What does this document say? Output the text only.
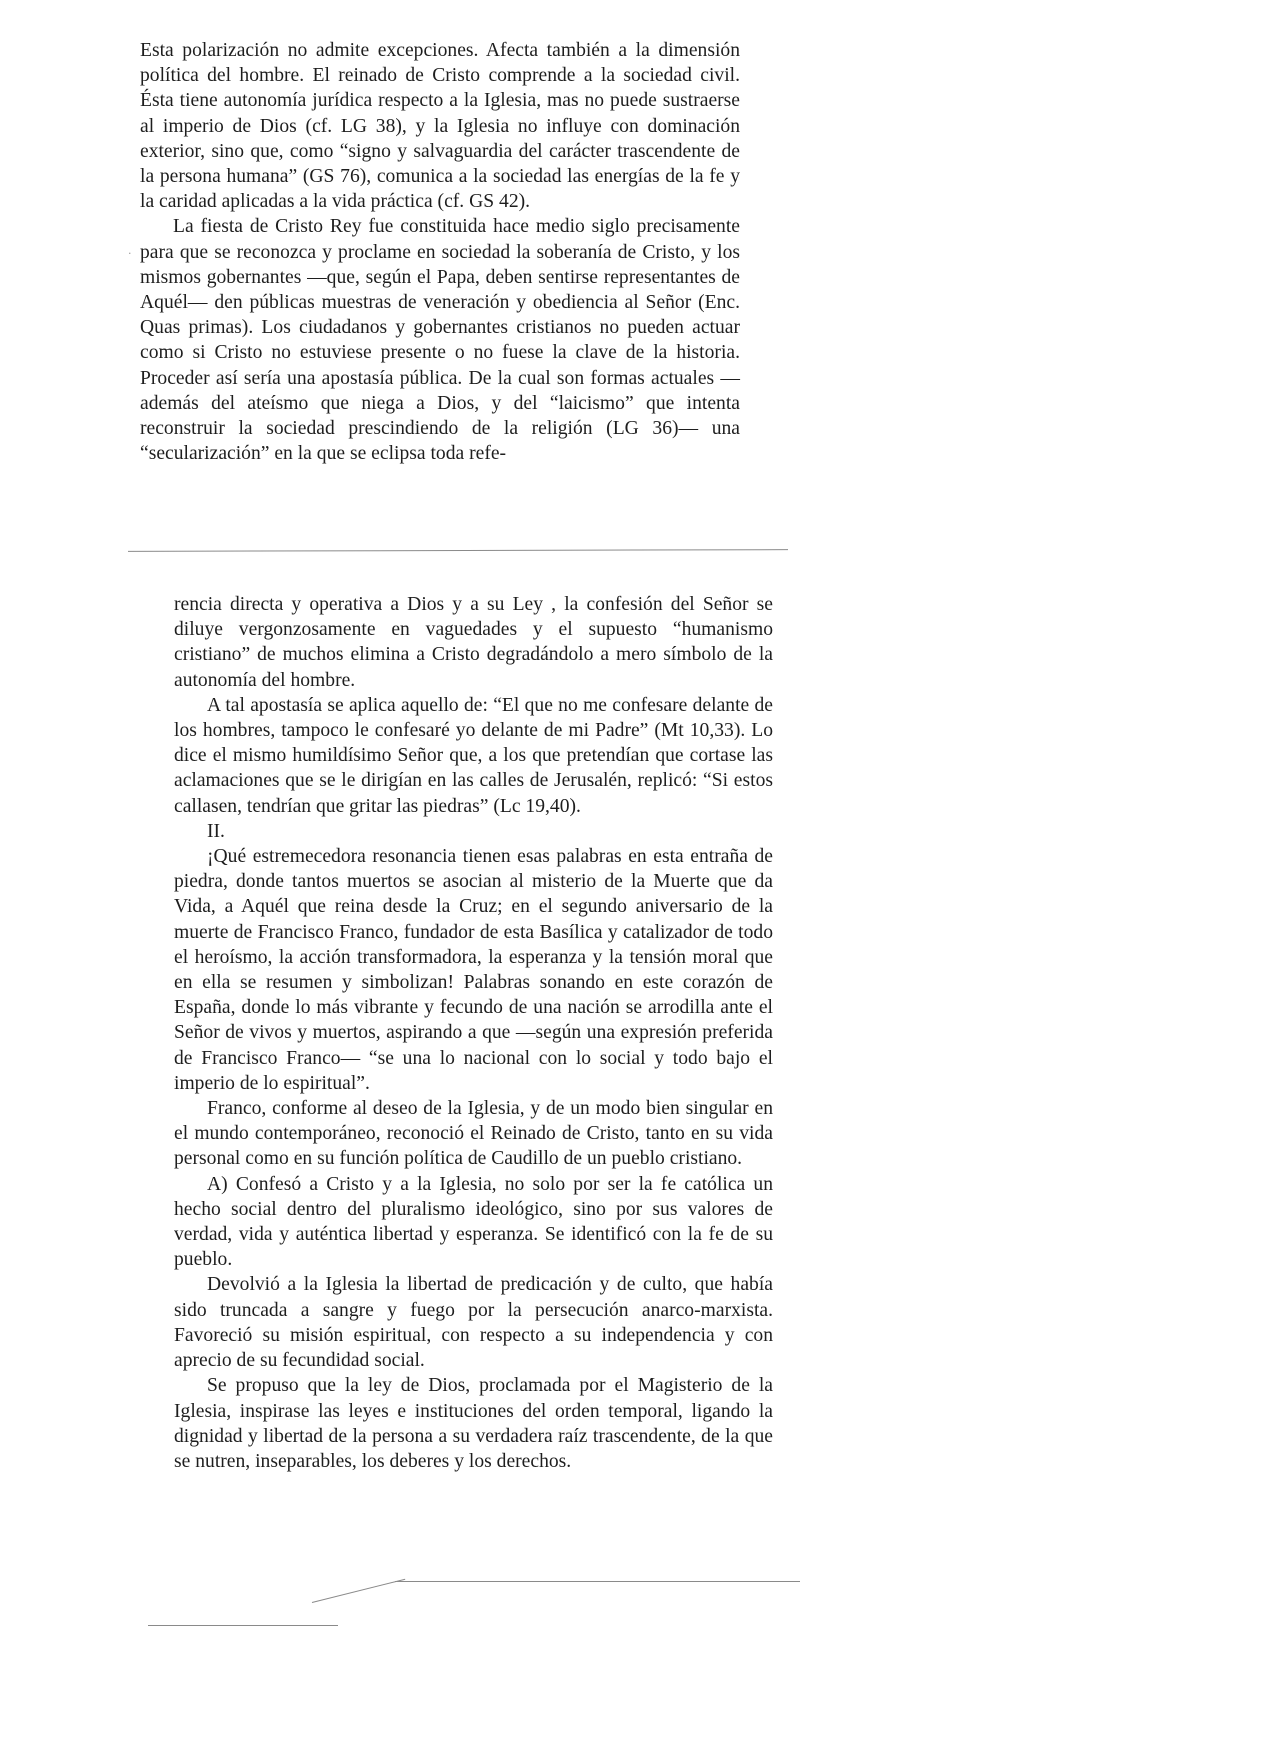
Esta polarización no admite excepciones. Afecta también a la dimensión política del hombre. El reinado de Cristo comprende a la sociedad civil. Ésta tiene autonomía jurídica respecto a la Iglesia, mas no puede sustraerse al imperio de Dios (cf. LG 38), y la Iglesia no influye con dominación exterior, sino que, como “signo y salvaguardia del carácter trascendente de la persona humana” (GS 76), comunica a la sociedad las energías de la fe y la caridad aplicadas a la vida práctica (cf. GS 42).

La fiesta de Cristo Rey fue constituida hace medio siglo precisamente para que se reconozca y proclame en sociedad la soberanía de Cristo, y los mismos gobernantes —que, según el Papa, deben sentirse representantes de Aquél— den públicas muestras de veneración y obediencia al Señor (Enc. Quas primas). Los ciudadanos y gobernantes cristianos no pueden actuar como si Cristo no estuviese presente o no fuese la clave de la historia. Proceder así sería una apostasía pública. De la cual son formas actuales —además del ateísmo que niega a Dios, y del “laicismo” que intenta reconstruir la sociedad prescindiendo de la religión (LG 36)— una “secularización” en la que se eclipsa toda refe-

·

rencia directa y operativa a Dios y a su Ley , la confesión del Señor se diluye vergonzosamente en vaguedades y el supuesto “humanismo cristiano” de muchos elimina a Cristo degradándolo a mero símbolo de la autonomía del hombre.

A tal apostasía se aplica aquello de: “El que no me confesare delante de los hombres, tampoco le confesaré yo delante de mi Padre” (Mt 10,33). Lo dice el mismo humildísimo Señor que, a los que pretendían que cortase las aclamaciones que se le dirigían en las calles de Jerusalén, replicó: “Si estos callasen, tendrían que gritar las piedras” (Lc 19,40).

II.

¡Qué estremecedora resonancia tienen esas palabras en esta entraña de piedra, donde tantos muertos se asocian al misterio de la Muerte que da Vida, a Aquél que reina desde la Cruz; en el segundo aniversario de la muerte de Francisco Franco, fundador de esta Basílica y catalizador de todo el heroísmo, la acción transformadora, la esperanza y la tensión moral que en ella se resumen y simbolizan! Palabras sonando en este corazón de España, donde lo más vibrante y fecundo de una nación se arrodilla ante el Señor de vivos y muertos, aspirando a que —según una expresión preferida de Francisco Franco— “se una lo nacional con lo social y todo bajo el imperio de lo espiritual”.

Franco, conforme al deseo de la Iglesia, y de un modo bien singular en el mundo contemporáneo, reconoció el Reinado de Cristo, tanto en su vida personal como en su función política de Caudillo de un pueblo cristiano.

A) Confesó a Cristo y a la Iglesia, no solo por ser la fe católica un hecho social dentro del pluralismo ideológico, sino por sus valores de verdad, vida y auténtica libertad y esperanza. Se identificó con la fe de su pueblo.

Devolvió a la Iglesia la libertad de predicación y de culto, que había sido truncada a sangre y fuego por la persecución anarco-marxista. Favoreció su misión espiritual, con respecto a su independencia y con aprecio de su fecundidad social.

Se propuso que la ley de Dios, proclamada por el Magisterio de la Iglesia, inspirase las leyes e instituciones del orden temporal, ligando la dignidad y libertad de la persona a su verdadera raíz trascendente, de la que se nutren, inseparables, los deberes y los derechos.
